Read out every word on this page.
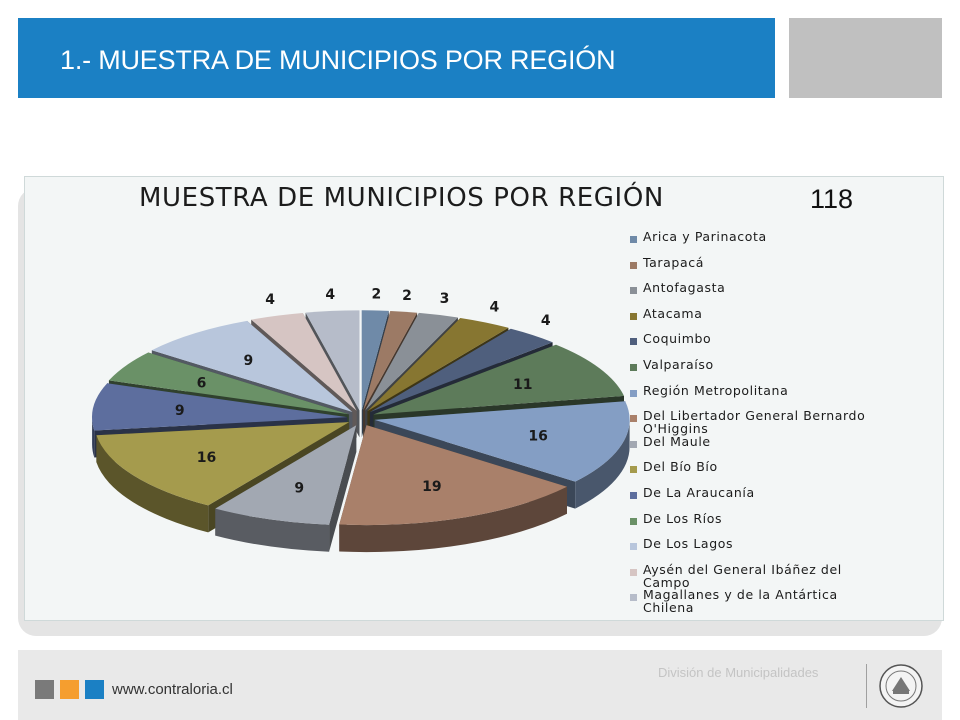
1.- MUESTRA DE MUNICIPIOS POR REGIÓN
MUESTRA DE MUNICIPIOS POR REGIÓN	118
2 2 3
4
4
11
16
19
9
16
9
6
9
4	4
Arica y Parinacota
Tarapacá
Antofagasta
Atacama
Coquimbo
Valparaíso
Región Metropolitana
Del Libertador General Bernardo O'Higgins
Del Maule
Del Bío Bío
De La Araucanía
De Los Ríos
De Los Lagos
Aysén del General Ibáñez del Campo
Magallanes y de la Antártica Chilena
www.contraloria.cl
División de Municipalidades
